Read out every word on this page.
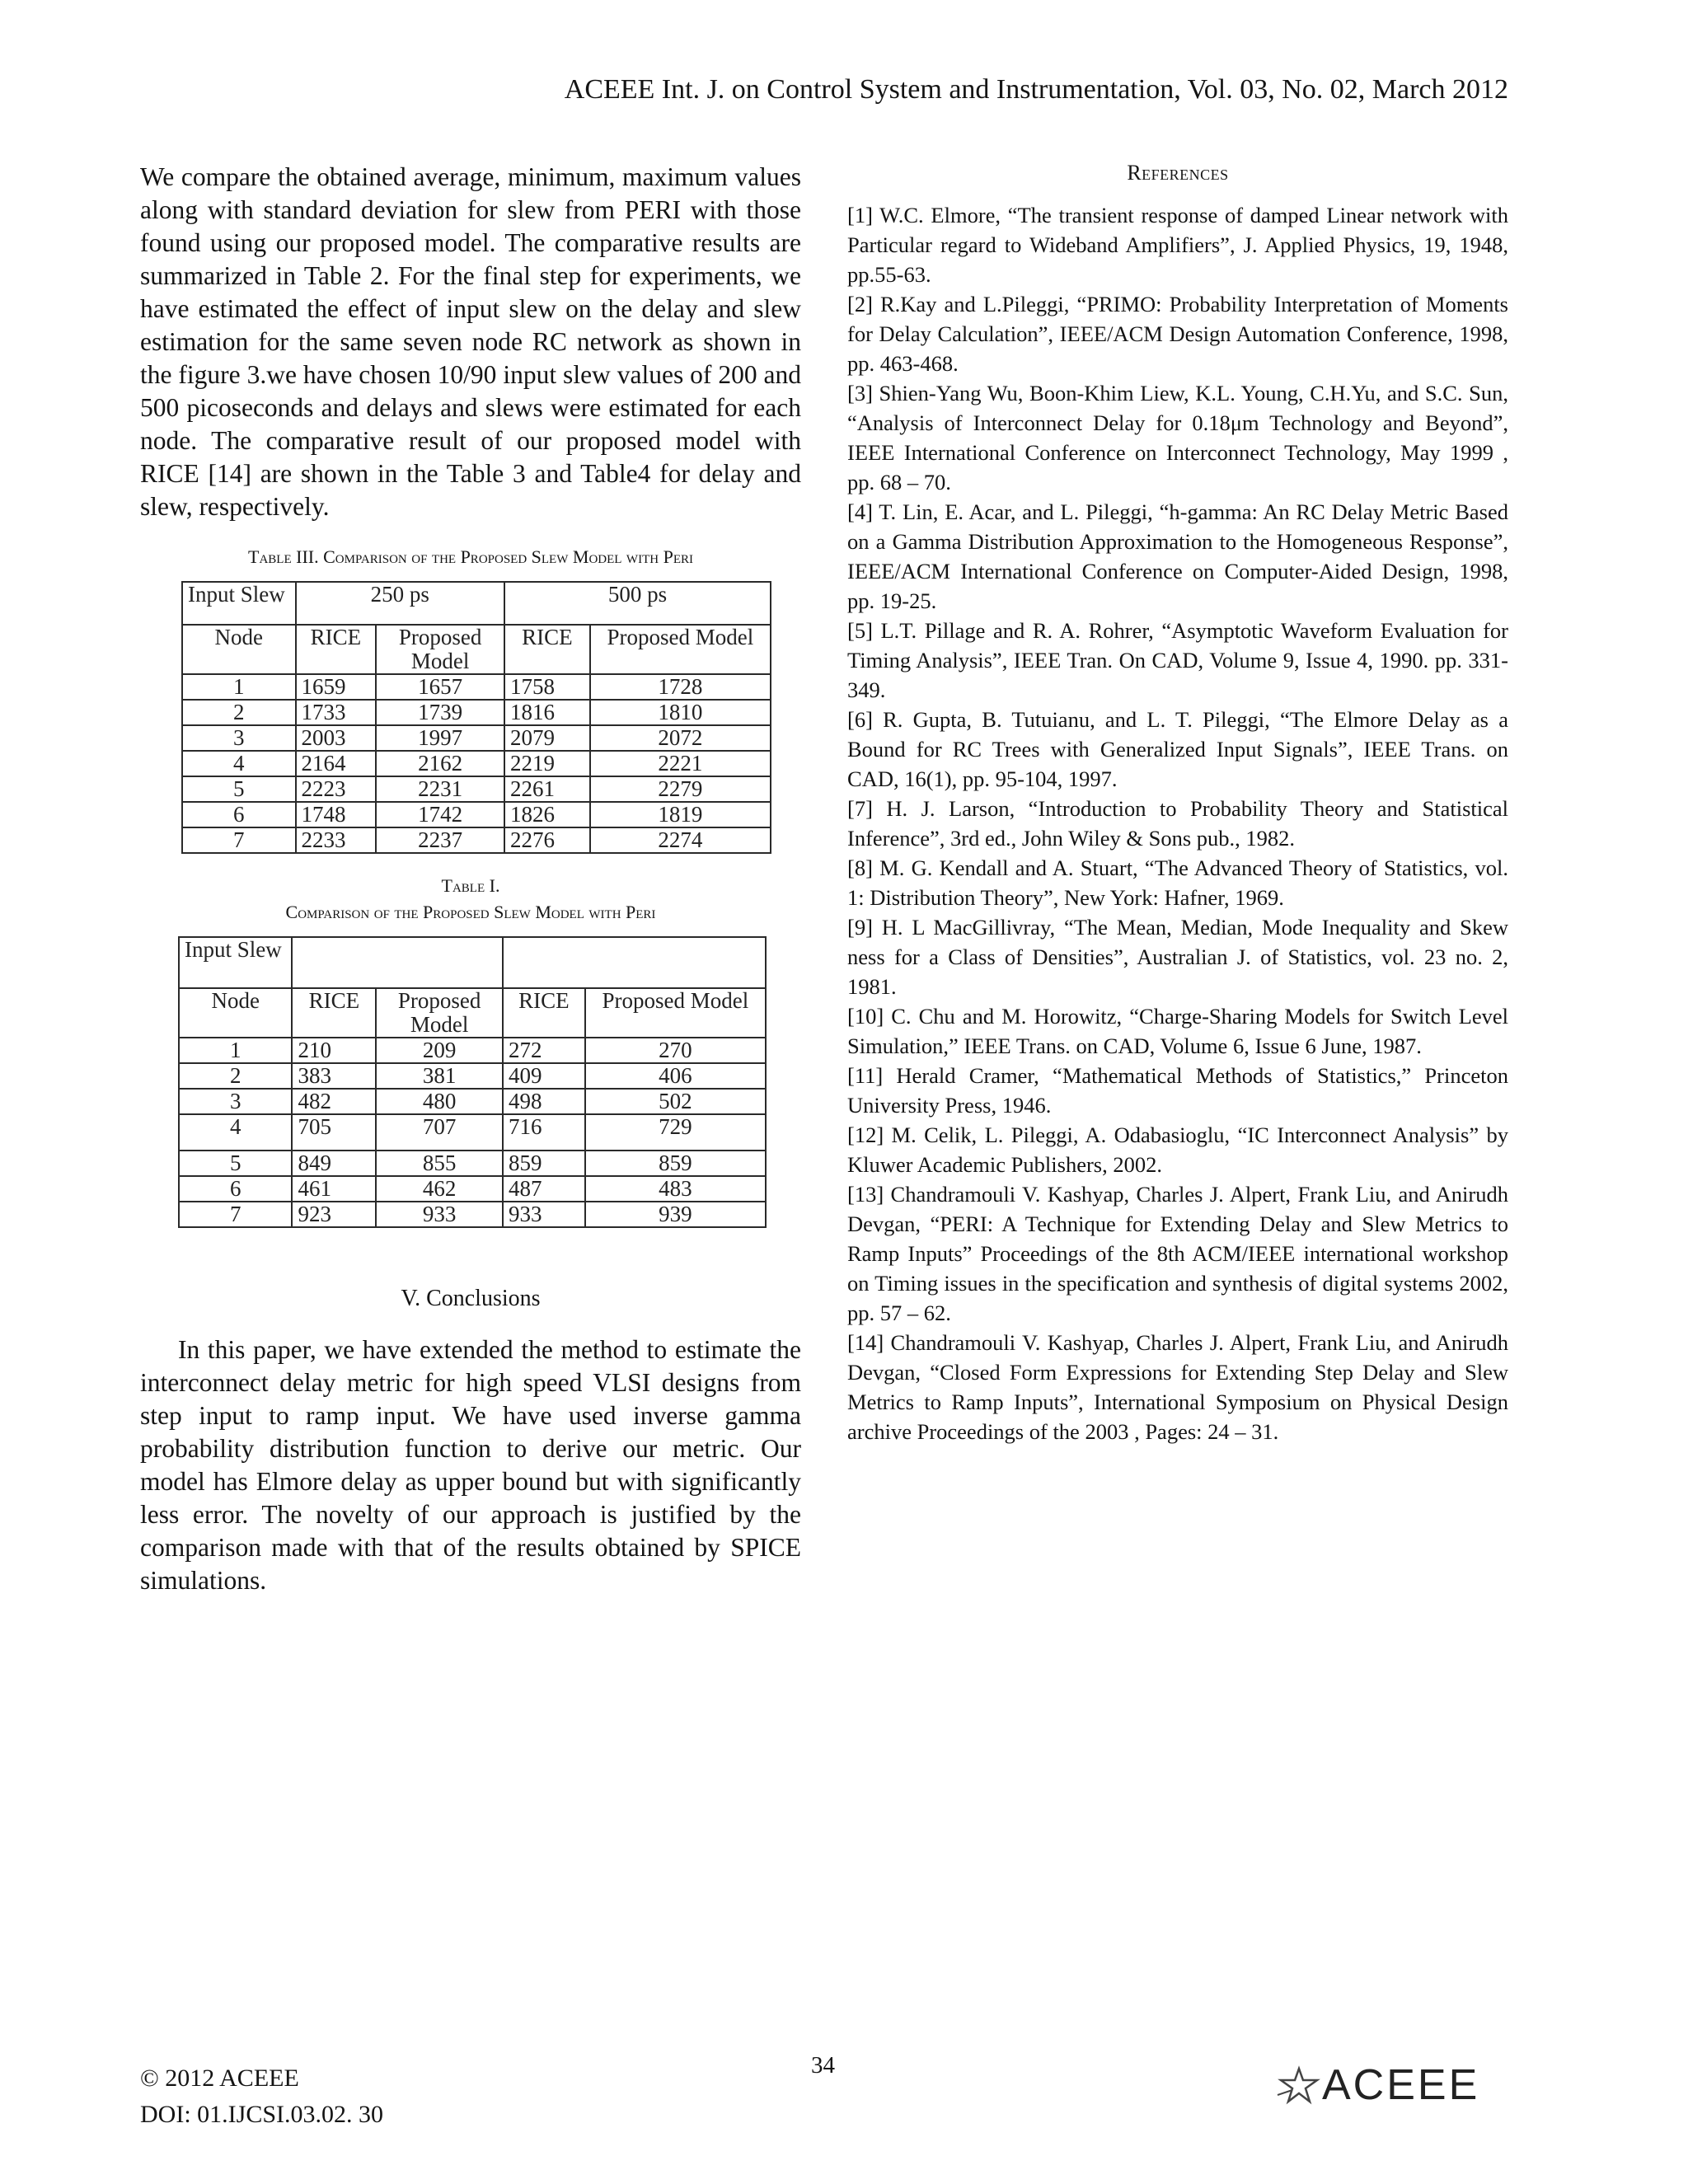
ACEEE Int. J. on Control System and Instrumentation, Vol. 03, No. 02, March 2012

We compare the obtained average, minimum, maximum values along with standard deviation for slew from PERI with those found using our proposed model. The comparative results are summarized in Table 2. For the final step for experiments, we have estimated the effect of input slew on the delay and slew estimation for the same seven node RC network as shown in the figure 3.we have chosen 10/90 input slew values of 200 and 500 picoseconds and delays and slews were estimated for each node. The comparative result of our proposed model with RICE [14] are shown in the Table 3 and Table4 for delay and slew, respectively.

Table III. Comparison of the Proposed Slew Model with Peri

Input Slew	250 ps		500 ps	
Node	RICE	Proposed Model	RICE	Proposed Model
1	1659	1657	1758	1728
2	1733	1739	1816	1810
3	2003	1997	2079	2072
4	2164	2162	2219	2221
5	2223	2231	2261	2279
6	1748	1742	1826	1819
7	2233	2237	2276	2274

Table I.
Comparison of the Proposed Slew Model with Peri

Input Slew				
Node	RICE	Proposed Model	RICE	Proposed Model
1	210	209	272	270
2	383	381	409	406
3	482	480	498	502
4	705	707	716	729
5	849	855	859	859
6	461	462	487	483
7	923	933	933	939

V. Conclusions

In this paper, we have extended the method to estimate the interconnect delay metric for high speed VLSI designs from step input to ramp input. We have used inverse gamma probability distribution function to derive our metric. Our model has Elmore delay as upper bound but with significantly less error. The novelty of our approach is justified by the comparison made with that of the results obtained by SPICE simulations.

References

[1] W.C. Elmore, “The transient response of damped Linear network with Particular regard to Wideband Amplifiers”, J. Applied Physics, 19, 1948, pp.55-63.

[2] R.Kay and L.Pileggi, “PRIMO: Probability Interpretation of Moments for Delay Calculation”, IEEE/ACM Design Automation Conference, 1998, pp. 463-468.

[3] Shien-Yang Wu, Boon-Khim Liew, K.L. Young, C.H.Yu, and S.C. Sun, “Analysis of Interconnect Delay for 0.18μm Technology and Beyond”, IEEE International Conference on Interconnect Technology, May 1999 , pp. 68 – 70.

[4] T. Lin, E. Acar, and L. Pileggi, “h-gamma: An RC Delay Metric Based on a Gamma Distribution Approximation to the Homogeneous Response”, IEEE/ACM International Conference on Computer-Aided Design, 1998, pp. 19-25.

[5] L.T. Pillage and R. A. Rohrer, “Asymptotic Waveform Evaluation for Timing Analysis”, IEEE Tran. On CAD, Volume 9, Issue 4, 1990. pp. 331- 349.

[6] R. Gupta, B. Tutuianu, and L. T. Pileggi, “The Elmore Delay as a Bound for RC Trees with Generalized Input Signals”, IEEE Trans. on CAD, 16(1), pp. 95-104, 1997.

[7] H. J. Larson, “Introduction to Probability Theory and Statistical Inference”, 3rd ed., John Wiley & Sons pub., 1982.

[8] M. G. Kendall and A. Stuart, “The Advanced Theory of Statistics, vol. 1: Distribution Theory”, New York: Hafner, 1969.

[9] H. L MacGillivray, “The Mean, Median, Mode Inequality and Skew ness for a Class of Densities”, Australian J. of Statistics, vol. 23 no. 2, 1981.

[10] C. Chu and M. Horowitz, “Charge-Sharing Models for Switch Level Simulation,” IEEE Trans. on CAD, Volume 6, Issue 6 June, 1987.

[11] Herald Cramer, “Mathematical Methods of Statistics,” Princeton University Press, 1946.

[12] M. Celik, L. Pileggi, A. Odabasioglu, “IC Interconnect Analysis” by Kluwer Academic Publishers, 2002.

[13] Chandramouli V. Kashyap, Charles J. Alpert, Frank Liu, and Anirudh Devgan, “PERI: A Technique for Extending Delay and Slew Metrics to Ramp Inputs” Proceedings of the 8th ACM/IEEE international workshop on Timing issues in the specification and synthesis of digital systems 2002, pp. 57 – 62.

[14] Chandramouli V. Kashyap, Charles J. Alpert, Frank Liu, and Anirudh Devgan, “Closed Form Expressions for Extending Step Delay and Slew Metrics to Ramp Inputs”, International Symposium on Physical Design archive Proceedings of the 2003 , Pages: 24 – 31.

© 2012 ACEEE
DOI: 01.IJCSI.03.02. 30
34	ACEEE
